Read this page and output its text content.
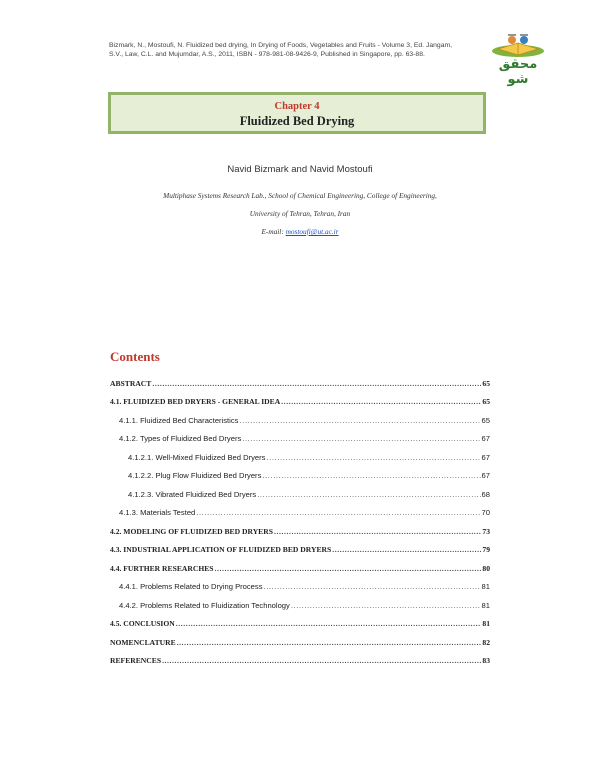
Bizmark, N., Mostoufi, N. Fluidized bed drying, In Drying of Foods, Vegetables and Fruits - Volume 3, Ed. Jangam, S.V., Law, C.L. and Mujumdar, A.S., 2011, ISBN - 978-981-08-9426-9, Published in Singapore, pp. 63-88.
محقق شو
Chapter 4
Fluidized Bed Drying
Navid Bizmark and Navid Mostoufi
Multiphase Systems Research Lab., School of Chemical Engineering, College of Engineering,
University of Tehran, Tehran, Iran
E-mail: mostoufi@ut.ac.ir
Contents
ABSTRACT .....	65
4.1. FLUIDIZED BED DRYERS - GENERAL IDEA .....	65
4.1.1. Fluidized Bed Characteristics .....	65
4.1.2. Types of Fluidized Bed Dryers .....	67
4.1.2.1. Well-Mixed Fluidized Bed Dryers .....	67
4.1.2.2. Plug Flow Fluidized Bed Dryers .....	67
4.1.2.3. Vibrated Fluidized Bed Dryers .....	68
4.1.3. Materials Tested .....	70
4.2. MODELING OF FLUIDIZED BED DRYERS .....	73
4.3. INDUSTRIAL APPLICATION OF FLUIDIZED BED DRYERS .....	79
4.4. FURTHER RESEARCHES .....	80
4.4.1. Problems Related to Drying Process .....	81
4.4.2. Problems Related to Fluidization Technology .....	81
4.5. CONCLUSION .....	81
NOMENCLATURE .....	82
REFERENCES .....	83
